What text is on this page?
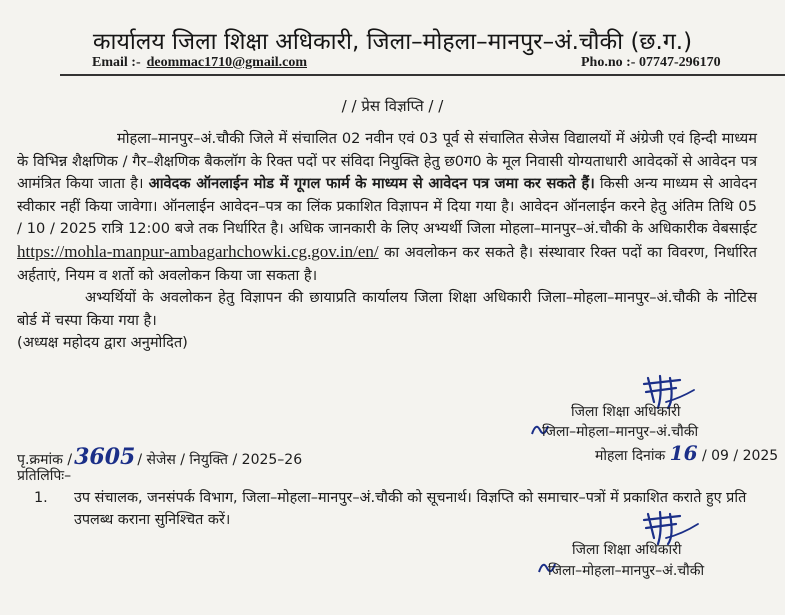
कार्यालय जिला शिक्षा अधिकारी, जिला–मोहला–मानपुर–अं.चौकी (छ.ग.)
Email :- deommac1710@gmail.com	Pho.no :- 07747-296170
/ / प्रेस विज्ञप्ति / /

मोहला–मानपुर–अं.चौकी जिले में संचालित 02 नवीन एवं 03 पूर्व से संचालित सेजेस विद्यालयों में अंग्रेजी एवं हिन्दी माध्यम के विभिन्न शैक्षणिक / गैर–शैक्षणिक बैकलॉग के रिक्त पदों पर संविदा नियुक्ति हेतु छ0ग0 के मूल निवासी योग्यताधारी आवेदकों से आवेदन पत्र आमंत्रित किया जाता है। आवेदक ऑनलाईन मोड में गूगल फार्म के माध्यम से आवेदन पत्र जमा कर सकते हैं। किसी अन्य माध्यम से आवेदन स्वीकार नहीं किया जावेगा। ऑनलाईन आवेदन–पत्र का लिंक प्रकाशित विज्ञापन में दिया गया है। आवेदन ऑनलाईन करने हेतु अंतिम तिथि 05 / 10 / 2025 रात्रि 12:00 बजे तक निर्धारित है। अधिक जानकारी के लिए अभ्यर्थी जिला मोहला–मानपुर–अं.चौकी के अधिकारीक वेबसाईट https://mohla-manpur-ambagarhchowki.cg.gov.in/en/ का अवलोकन कर सकते है। संस्थावार रिक्त पदों का विवरण, निर्धारित अर्हताएं, नियम व शर्तो को अवलोकन किया जा सकता है।

अभ्यर्थियों के अवलोकन हेतु विज्ञापन की छायाप्रति कार्यालय जिला शिक्षा अधिकारी जिला–मोहला–मानपुर–अं.चौकी के नोटिस बोर्ड में चस्पा किया गया है।

(अध्यक्ष महोदय द्वारा अनुमोदित)

जिला शिक्षा अधिकारी
जिला–मोहला–मानपुर–अं.चौकी
मोहला दिनांक 16 / 09 / 2025
पृ.क्रमांक /3605 / सेजेस / नियुक्ति / 2025–26
प्रतिलिपिः–
1. उप संचालक, जनसंपर्क विभाग, जिला–मोहला–मानपुर–अं.चौकी को सूचनार्थ। विज्ञप्ति को समाचार–पत्रों में प्रकाशित कराते हुए प्रति उपलब्ध कराना सुनिश्चित करें।
जिला शिक्षा अधिकारी
जिला–मोहला–मानपुर–अं.चौकी
